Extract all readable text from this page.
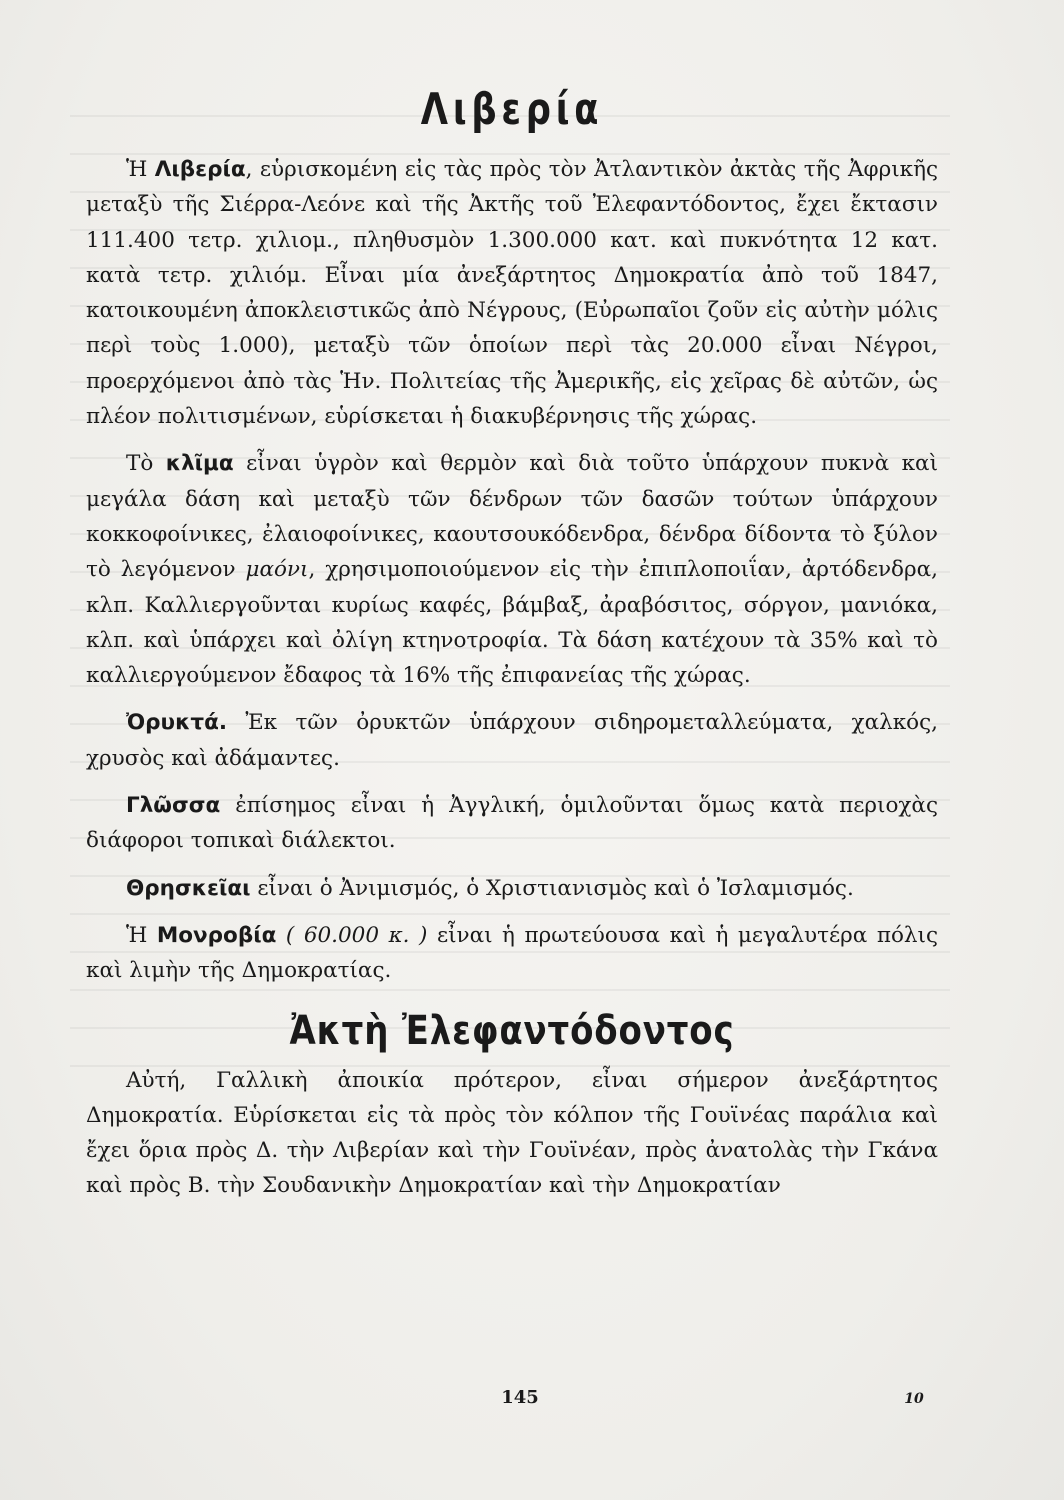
Λιβερία

Ἡ Λιβερία, εὑρισκομένη εἰς τὰς πρὸς τὸν Ἀτλαντικὸν ἀκτὰς τῆς Ἀφρικῆς μεταξὺ τῆς Σιέρρα-Λεόνε καὶ τῆς Ἀκτῆς τοῦ Ἐλεφαντόδοντος, ἔχει ἔκτασιν 111.400 τετρ. χιλιομ., πληθυσμὸν 1.300.000 κατ. καὶ πυκνότητα 12 κατ. κατὰ τετρ. χιλιόμ. Εἶναι μία ἀνεξάρτητος Δημοκρατία ἀπὸ τοῦ 1847, κατοικουμένη ἀποκλειστικῶς ἀπὸ Νέγρους, (Εὐρωπαῖοι ζοῦν εἰς αὐτὴν μόλις περὶ τοὺς 1.000), μεταξὺ τῶν ὁποίων περὶ τὰς 20.000 εἶναι Νέγροι, προερχόμενοι ἀπὸ τὰς Ἡν. Πολιτείας τῆς Ἀμερικῆς, εἰς χεῖρας δὲ αὐτῶν, ὡς πλέον πολιτισμένων, εὑρίσκεται ἡ διακυβέρνησις τῆς χώρας.

Τὸ κλῖμα εἶναι ὑγρὸν καὶ θερμὸν καὶ διὰ τοῦτο ὑπάρχουν πυκνὰ καὶ μεγάλα δάση καὶ μεταξὺ τῶν δένδρων τῶν δασῶν τούτων ὑπάρχουν κοκκοφοίνικες, ἐλαιοφοίνικες, καουτσουκόδενδρα, δένδρα δίδοντα τὸ ξύλον τὸ λεγόμενον μαόνι, χρησιμοποιούμενον εἰς τὴν ἐπιπλοποιΐαν, ἀρτόδενδρα, κλπ. Καλλιεργοῦνται κυρίως καφές, βάμβαξ, ἀραβόσιτος, σόργον, μανιόκα, κλπ. καὶ ὑπάρχει καὶ ὀλίγη κτηνοτροφία. Τὰ δάση κατέχουν τὰ 35% καὶ τὸ καλλιεργούμενον ἔδαφος τὰ 16% τῆς ἐπιφανείας τῆς χώρας.

Ὀρυκτά. Ἐκ τῶν ὀρυκτῶν ὑπάρχουν σιδηρομεταλλεύματα, χαλκός, χρυσὸς καὶ ἀδάμαντες.

Γλῶσσα ἐπίσημος εἶναι ἡ Ἀγγλική, ὁμιλοῦνται ὅμως κατὰ περιοχὰς διάφοροι τοπικαὶ διάλεκτοι.

Θρησκεῖαι εἶναι ὁ Ἀνιμισμός, ὁ Χριστιανισμὸς καὶ ὁ Ἰσλαμισμός.

Ἡ Μονροβία ( 60.000 κ. ) εἶναι ἡ πρωτεύουσα καὶ ἡ μεγαλυτέρα πόλις καὶ λιμὴν τῆς Δημοκρατίας.

Ἀκτὴ Ἐλεφαντόδοντος

Αὐτή, Γαλλικὴ ἀποικία πρότερον, εἶναι σήμερον ἀνεξάρτητος Δημοκρατία. Εὑρίσκεται εἰς τὰ πρὸς τὸν κόλπον τῆς Γουϊνέας παράλια καὶ ἔχει ὅρια πρὸς Δ. τὴν Λιβερίαν καὶ τὴν Γουϊνέαν, πρὸς ἀνατολὰς τὴν Γκάνα καὶ πρὸς Β. τὴν Σουδανικὴν Δημοκρατίαν καὶ τὴν Δημοκρατίαν

145	10
